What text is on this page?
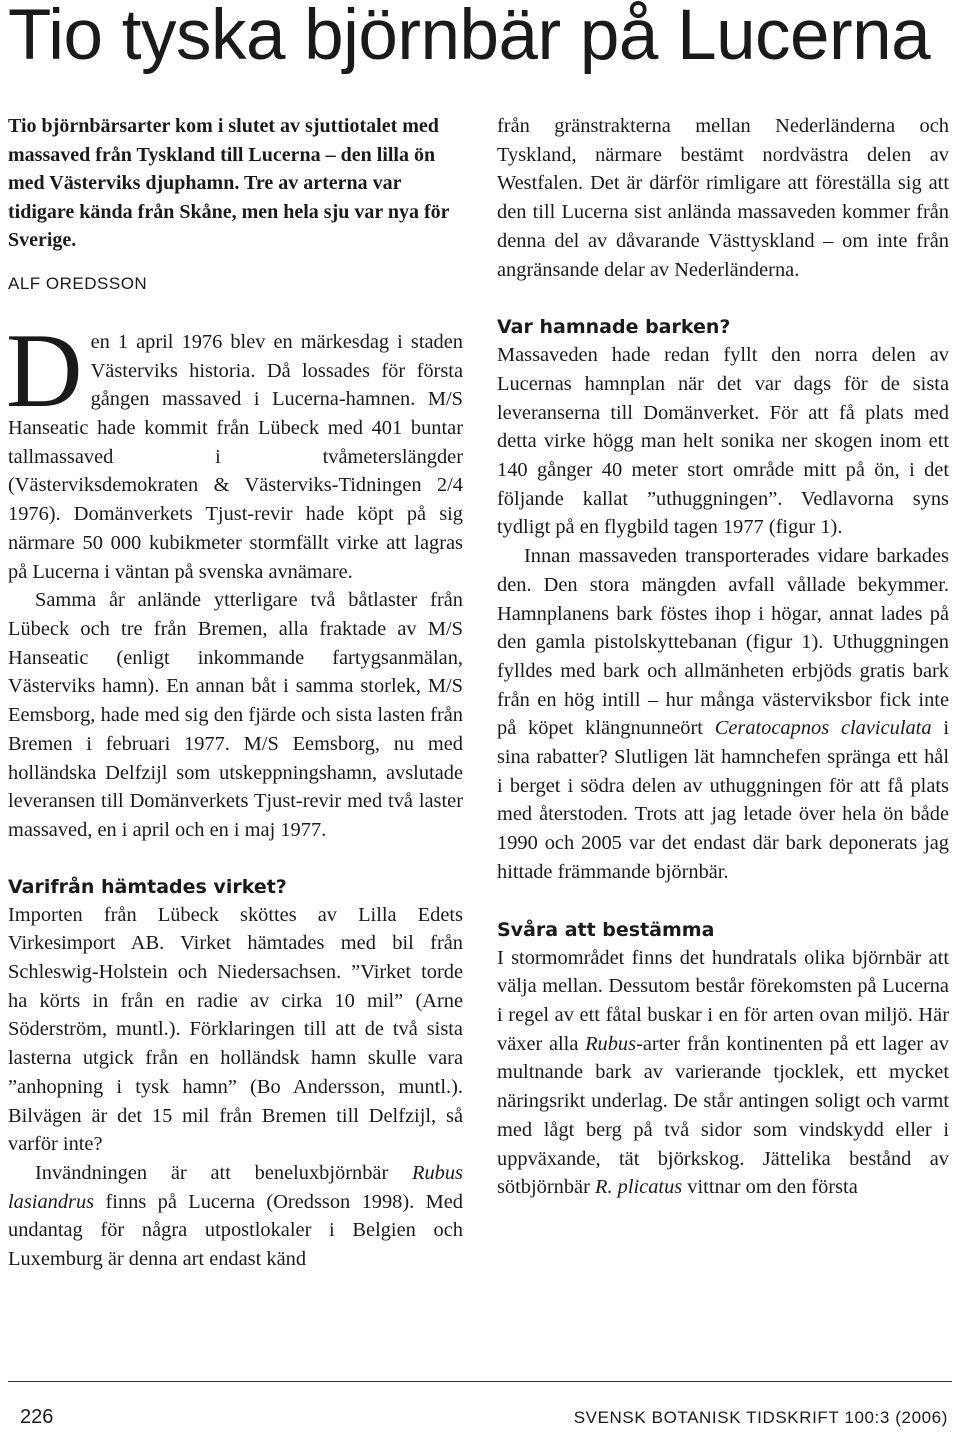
Tio tyska björnbär på Lucerna

Tio björnbärsarter kom i slutet av sjuttiotalet med massaved från Tyskland till Lucerna – den lilla ön med Västerviks djuphamn. Tre av arterna var tidigare kända från Skåne, men hela sju var nya för Sverige.

ALF OREDSSON

Den 1 april 1976 blev en märkesdag i staden Västerviks historia. Då lossades för första gången massaved i Lucerna-hamnen. M/S Hanseatic hade kommit från Lübeck med 401 buntar tallmassaved i tvåmeterslängder (Västerviksdemokraten & Västerviks-Tidningen 2/4 1976). Domänverkets Tjust-revir hade köpt på sig närmare 50 000 kubikmeter stormfällt virke att lagras på Lucerna i väntan på svenska avnämare.

Samma år anlände ytterligare två båtlaster från Lübeck och tre från Bremen, alla fraktade av M/S Hanseatic (enligt inkommande fartygsanmälan, Västerviks hamn). En annan båt i samma storlek, M/S Eemsborg, hade med sig den fjärde och sista lasten från Bremen i februari 1977. M/S Eemsborg, nu med holländska Delfzijl som utskeppningshamn, avslutade leveransen till Domänverkets Tjust-revir med två laster massaved, en i april och en i maj 1977.

Varifrån hämtades virket?

Importen från Lübeck sköttes av Lilla Edets Virkesimport AB. Virket hämtades med bil från Schleswig-Holstein och Niedersachsen. ”Virket torde ha körts in från en radie av cirka 10 mil” (Arne Söderström, muntl.). Förklaringen till att de två sista lasterna utgick från en holländsk hamn skulle vara ”anhopning i tysk hamn” (Bo Andersson, muntl.). Bilvägen är det 15 mil från Bremen till Delfzijl, så varför inte?

Invändningen är att beneluxbjörnbär Rubus lasiandrus finns på Lucerna (Oredsson 1998). Med undantag för några utpostlokaler i Belgien och Luxemburg är denna art endast känd

från gränstrakterna mellan Nederländerna och Tyskland, närmare bestämt nordvästra delen av Westfalen. Det är därför rimligare att föreställa sig att den till Lucerna sist anlända massaveden kommer från denna del av dåvarande Västtyskland – om inte från angränsande delar av Nederländerna.

Var hamnade barken?

Massaveden hade redan fyllt den norra delen av Lucernas hamnplan när det var dags för de sista leveranserna till Domänverket. För att få plats med detta virke högg man helt sonika ner skogen inom ett 140 gånger 40 meter stort område mitt på ön, i det följande kallat ”uthuggningen”. Vedlavorna syns tydligt på en flygbild tagen 1977 (figur 1).

Innan massaveden transporterades vidare barkades den. Den stora mängden avfall vållade bekymmer. Hamnplanens bark föstes ihop i högar, annat lades på den gamla pistolskyttebanan (figur 1). Uthuggningen fylldes med bark och allmänheten erbjöds gratis bark från en hög intill – hur många västerviksbor fick inte på köpet klängnunneört Ceratocapnos claviculata i sina rabatter? Slutligen lät hamnchefen spränga ett hål i berget i södra delen av uthuggningen för att få plats med återstoden. Trots att jag letade över hela ön både 1990 och 2005 var det endast där bark deponerats jag hittade främmande björnbär.

Svåra att bestämma

I stormområdet finns det hundratals olika björnbär att välja mellan. Dessutom består förekomsten på Lucerna i regel av ett fåtal buskar i en för arten ovan miljö. Här växer alla Rubus-arter från kontinenten på ett lager av multnande bark av varierande tjocklek, ett mycket näringsrikt underlag. De står antingen soligt och varmt med lågt berg på två sidor som vindskydd eller i uppväxande, tät björkskog. Jättelika bestånd av sötbjörnbär R. plicatus vittnar om den första

226	SVENSK BOTANISK TIDSKRIFT 100:3 (2006)
